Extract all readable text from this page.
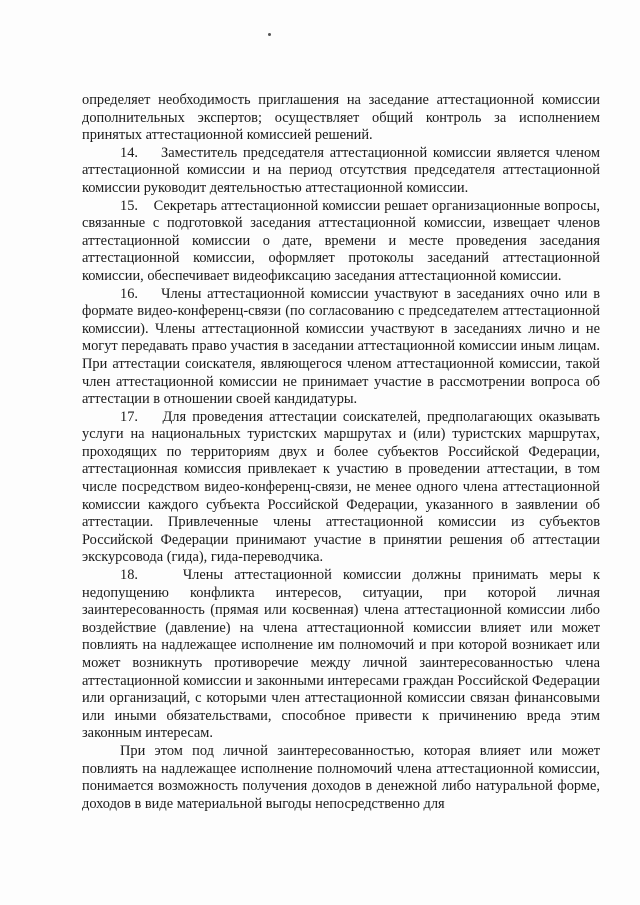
определяет необходимость приглашения на заседание аттестационной комиссии дополнительных экспертов; осуществляет общий контроль за исполнением принятых аттестационной комиссией решений.

14. Заместитель председателя аттестационной комиссии является членом аттестационной комиссии и на период отсутствия председателя аттестационной комиссии руководит деятельностью аттестационной комиссии.

15. Секретарь аттестационной комиссии решает организационные вопросы, связанные с подготовкой заседания аттестационной комиссии, извещает членов аттестационной комиссии о дате, времени и месте проведения заседания аттестационной комиссии, оформляет протоколы заседаний аттестационной комиссии, обеспечивает видеофиксацию заседания аттестационной комиссии.

16. Члены аттестационной комиссии участвуют в заседаниях очно или в формате видео-конференц-связи (по согласованию с председателем аттестационной комиссии). Члены аттестационной комиссии участвуют в заседаниях лично и не могут передавать право участия в заседании аттестационной комиссии иным лицам. При аттестации соискателя, являющегося членом аттестационной комиссии, такой член аттестационной комиссии не принимает участие в рассмотрении вопроса об аттестации в отношении своей кандидатуры.

17. Для проведения аттестации соискателей, предполагающих оказывать услуги на национальных туристских маршрутах и (или) туристских маршрутах, проходящих по территориям двух и более субъектов Российской Федерации, аттестационная комиссия привлекает к участию в проведении аттестации, в том числе посредством видео-конференц-связи, не менее одного члена аттестационной комиссии каждого субъекта Российской Федерации, указанного в заявлении об аттестации. Привлеченные члены аттестационной комиссии из субъектов Российской Федерации принимают участие в принятии решения об аттестации экскурсовода (гида), гида-переводчика.

18.	Члены аттестационной комиссии должны принимать меры к недопущению конфликта интересов, ситуации, при которой личная заинтересованность (прямая или косвенная) члена аттестационной комиссии либо воздействие (давление) на члена аттестационной комиссии влияет или может повлиять на надлежащее исполнение им полномочий и при которой возникает или может возникнуть противоречие между личной заинтересованностью члена аттестационной комиссии и законными интересами граждан Российской Федерации или организаций, с которыми член аттестационной комиссии связан финансовыми или иными обязательствами, способное привести к причинению вреда этим законным интересам.

При этом под личной заинтересованностью, которая влияет или может повлиять на надлежащее исполнение полномочий члена аттестационной комиссии, понимается возможность получения доходов в денежной либо натуральной форме, доходов в виде материальной выгоды непосредственно для
